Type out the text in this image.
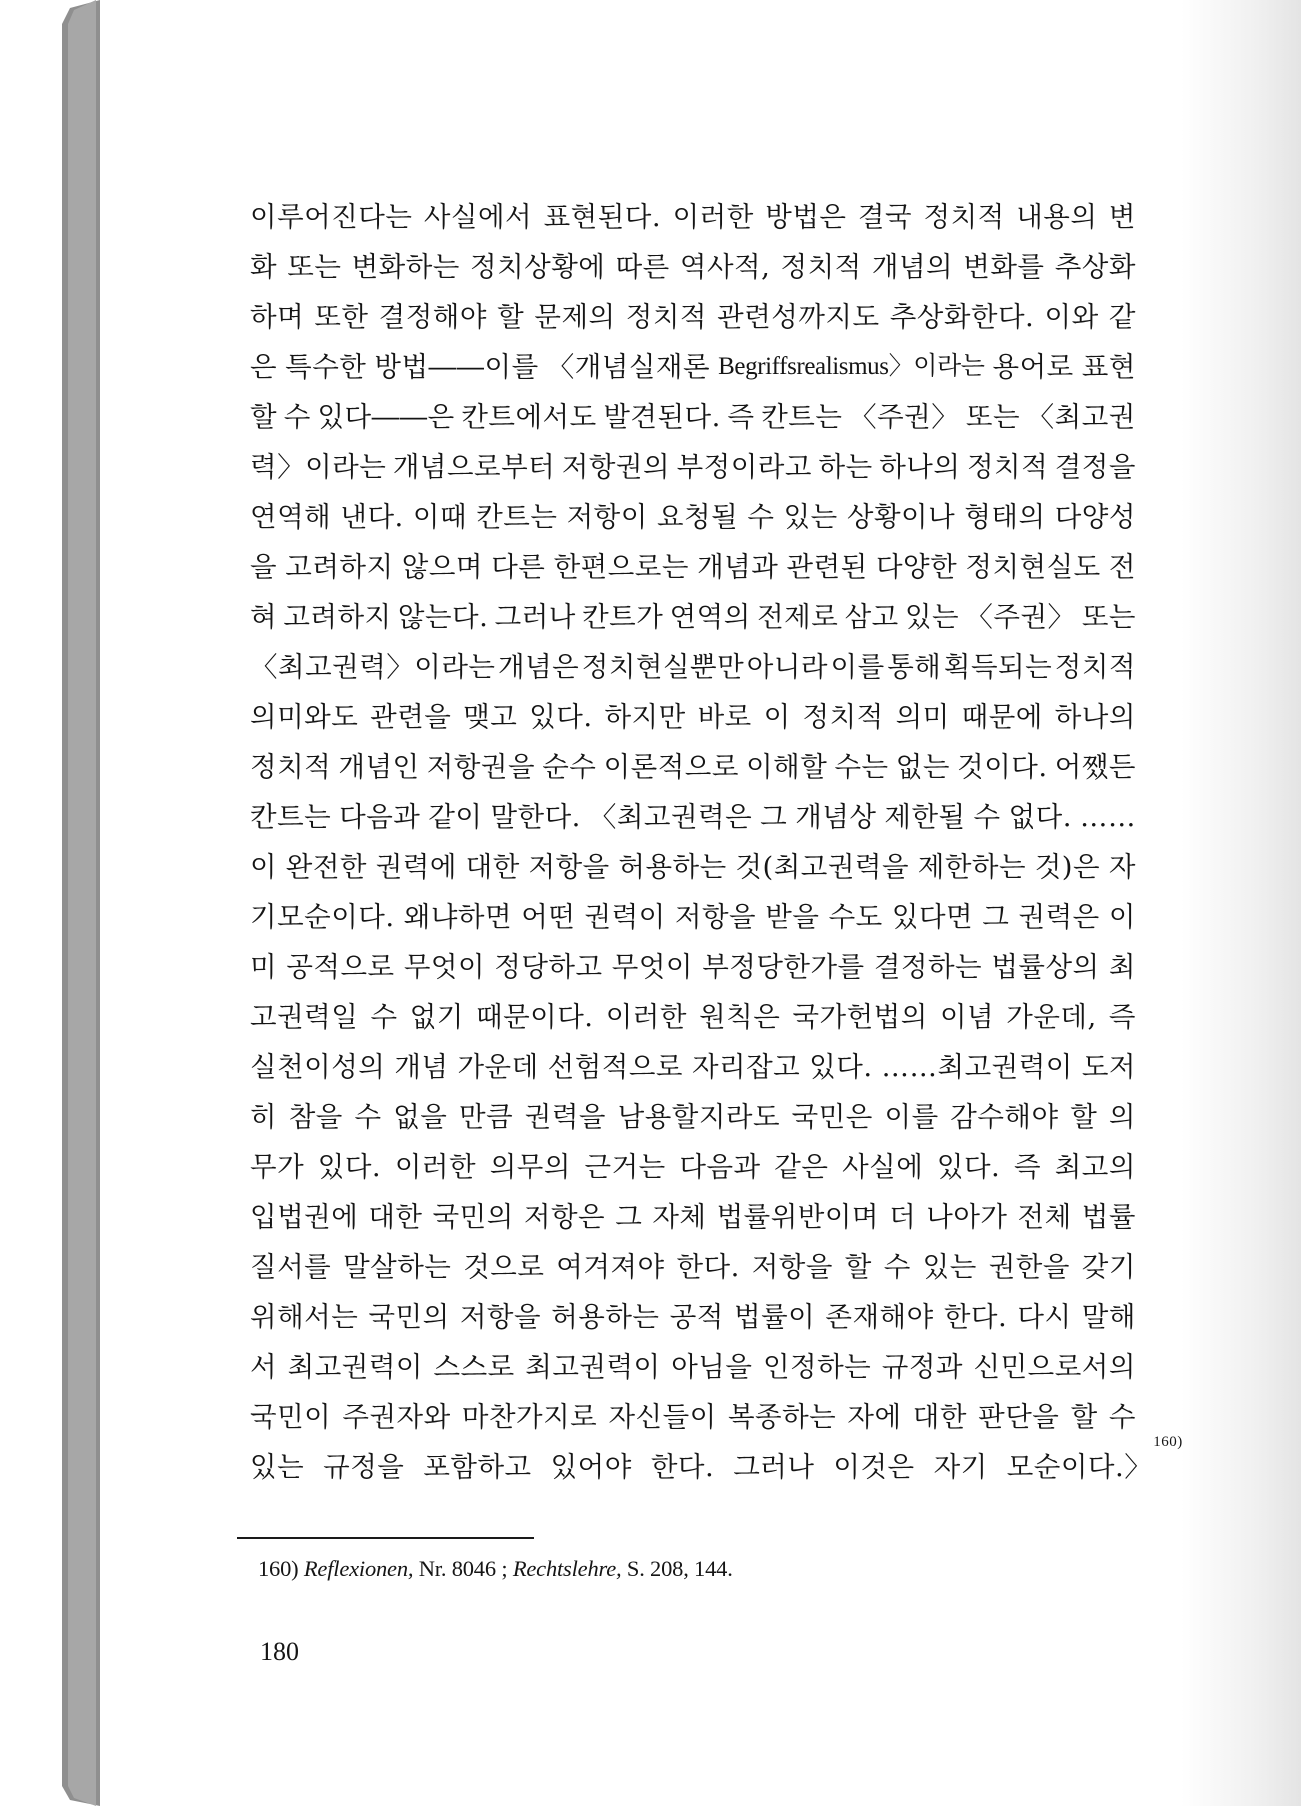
이루어진다는 사실에서 표현된다. 이러한 방법은 결국 정치적 내용의 변
화 또는 변화하는 정치상황에 따른 역사적, 정치적 개념의 변화를 추상화
하며 또한 결정해야 할 문제의 정치적 관련성까지도 추상화한다. 이와 같
은 특수한 방법――이를 〈개념실재론 Begriffsrealismus〉이라는 용어로 표현
할 수 있다――은 칸트에서도 발견된다. 즉 칸트는 〈주권〉 또는 〈최고권
력〉이라는 개념으로부터 저항권의 부정이라고 하는 하나의 정치적 결정을
연역해 낸다. 이때 칸트는 저항이 요청될 수 있는 상황이나 형태의 다양성
을 고려하지 않으며 다른 한편으로는 개념과 관련된 다양한 정치현실도 전
혀 고려하지 않는다. 그러나 칸트가 연역의 전제로 삼고 있는 〈주권〉 또는
〈최고권력〉이라는 개념은 정치현실뿐만 아니라 이를 통해 획득되는 정치적
의미와도 관련을 맺고 있다. 하지만 바로 이 정치적 의미 때문에 하나의
정치적 개념인 저항권을 순수 이론적으로 이해할 수는 없는 것이다. 어쨌든
칸트는 다음과 같이 말한다. 〈최고권력은 그 개념상 제한될 수 없다. ……
이 완전한 권력에 대한 저항을 허용하는 것(최고권력을 제한하는 것)은 자
기모순이다. 왜냐하면 어떤 권력이 저항을 받을 수도 있다면 그 권력은 이
미 공적으로 무엇이 정당하고 무엇이 부정당한가를 결정하는 법률상의 최
고권력일 수 없기 때문이다. 이러한 원칙은 국가헌법의 이념 가운데, 즉
실천이성의 개념 가운데 선험적으로 자리잡고 있다. ……최고권력이 도저
히 참을 수 없을 만큼 권력을 남용할지라도 국민은 이를 감수해야 할 의
무가 있다. 이러한 의무의 근거는 다음과 같은 사실에 있다. 즉 최고의
입법권에 대한 국민의 저항은 그 자체 법률위반이며 더 나아가 전체 법률
질서를 말살하는 것으로 여겨져야 한다. 저항을 할 수 있는 권한을 갖기
위해서는 국민의 저항을 허용하는 공적 법률이 존재해야 한다. 다시 말해
서 최고권력이 스스로 최고권력이 아님을 인정하는 규정과 신민으로서의
국민이 주권자와 마찬가지로 자신들이 복종하는 자에 대한 판단을 할 수
있는 규정을 포함하고 있어야 한다. 그러나 이것은 자기 모순이다.〉
160)
160) Reflexionen, Nr. 8046 ; Rechtslehre, S. 208, 144.
180
